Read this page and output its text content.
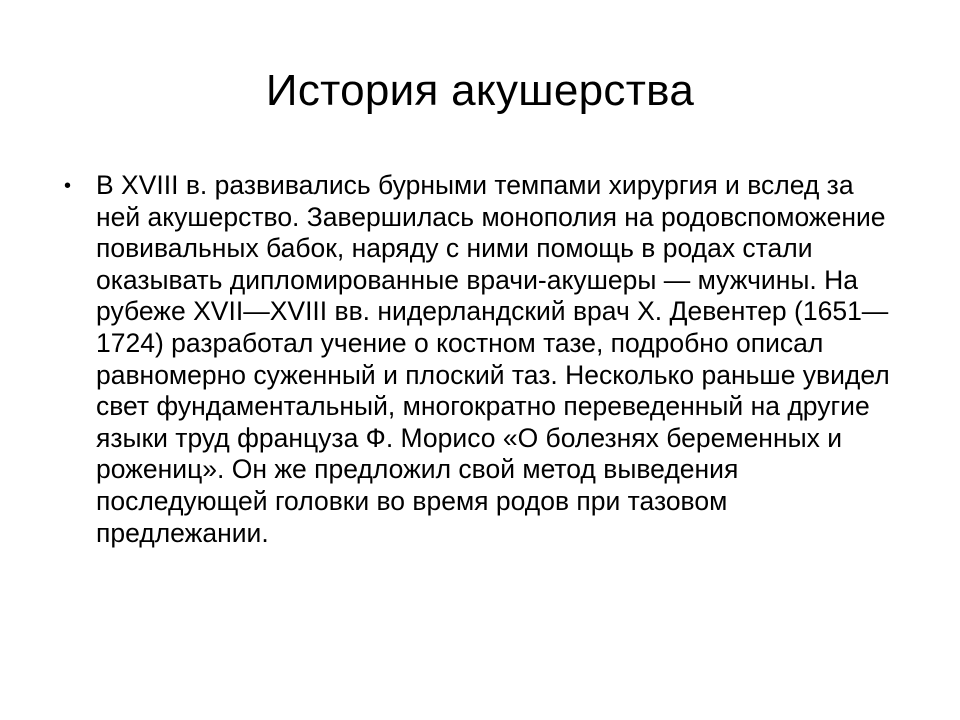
История акушерства
• В XVIII в. развивались бурными темпами хирургия и вслед за ней акушерство. Завершилась монополия на родовспоможение повивальных бабок, наряду с ними помощь в родах стали оказывать дипломированные врачи-акушеры — мужчины. На рубеже XVII—XVIII вв. нидерландский врач X. Девентер (1651— 1724) разработал учение о костном тазе, подробно описал равномерно суженный и плоский таз. Несколько раньше увидел свет фундаментальный, многократно переведенный на другие языки труд француза Ф. Морисо «О болезнях беременных и рожениц». Он же предложил свой метод выведения последующей головки во время родов при тазовом предлежании.
